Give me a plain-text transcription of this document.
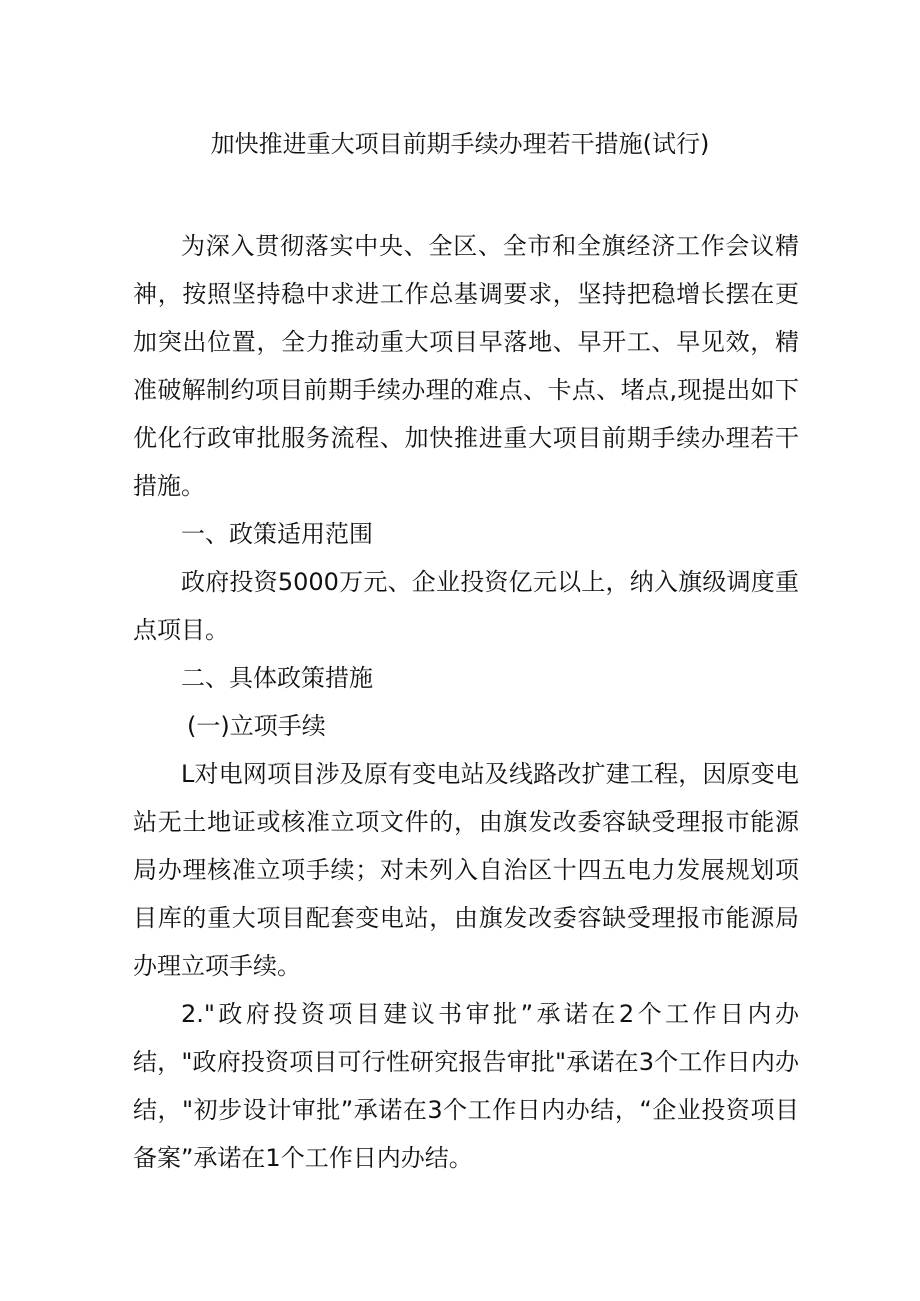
加快推进重大项目前期手续办理若干措施(试行)

为深入贯彻落实中央、全区、全市和全旗经济工作会议精神，按照坚持稳中求进工作总基调要求，坚持把稳增长摆在更加突出位置，全力推动重大项目早落地、早开工、早见效，精准破解制约项目前期手续办理的难点、卡点、堵点,现提出如下优化行政审批服务流程、加快推进重大项目前期手续办理若干措施。

一、政策适用范围

政府投资5000万元、企业投资亿元以上，纳入旗级调度重点项目。

二、具体政策措施

(一)立项手续

L对电网项目涉及原有变电站及线路改扩建工程，因原变电站无土地证或核准立项文件的，由旗发改委容缺受理报市能源局办理核准立项手续；对未列入自治区十四五电力发展规划项目库的重大项目配套变电站，由旗发改委容缺受理报市能源局办理立项手续。

2."政府投资项目建议书审批”承诺在2个工作日内办结，"政府投资项目可行性研究报告审批"承诺在3个工作日内办结，"初步设计审批”承诺在3个工作日内办结，“企业投资项目备案”承诺在1个工作日内办结。
